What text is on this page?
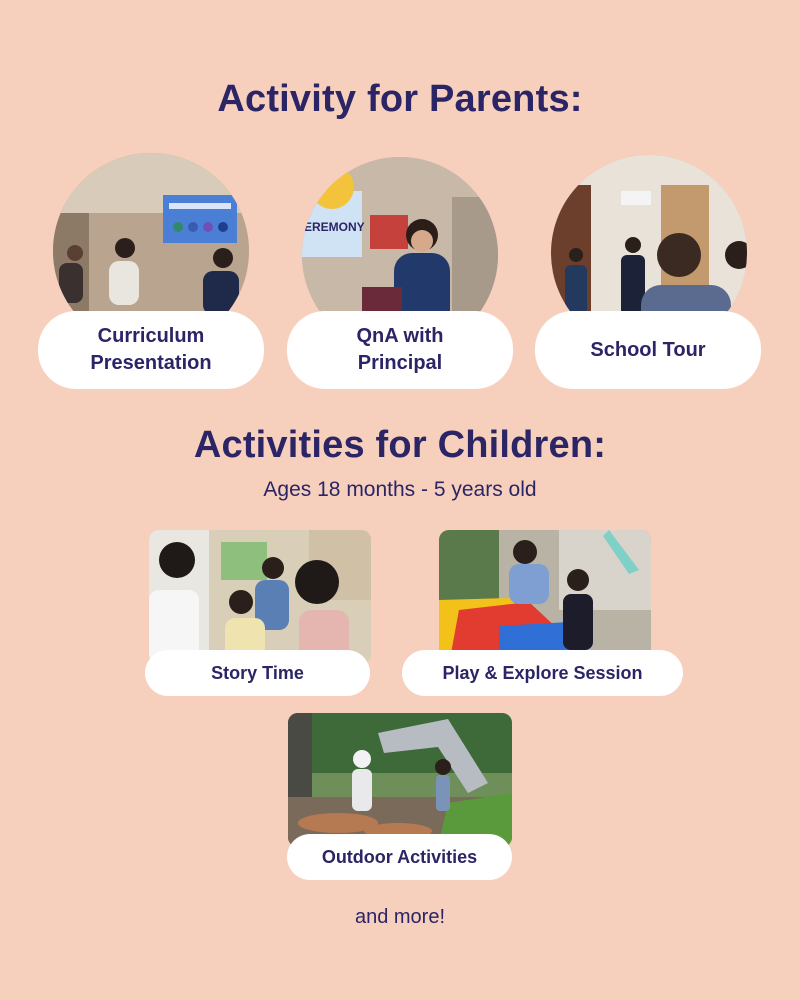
Activity for Parents:
EREMONY
Curriculum
Presentation
QnA with
Principal
School Tour
Activities for Children:
Ages 18 months - 5 years old
Story Time	Play & Explore Session
Outdoor Activities
and more!
